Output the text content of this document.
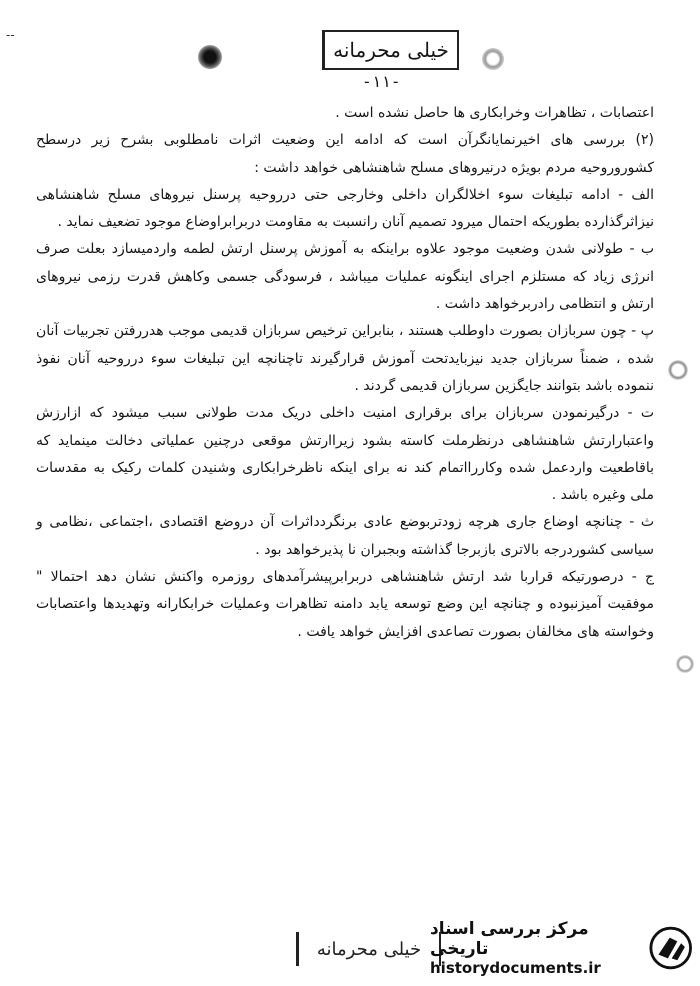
--
خیلی محرمانه
-۱۱-

اعتصابات ، تظاهرات وخرابکاری ها حاصل نشده است .

(۲) بررسی های اخیرنمایانگرآن است که ادامه این وضعیت اثرات نامطلوبی بشرح زیر درسطح کشوروروحیه مردم بویژه درنیروهای مسلح شاهنشاهی خواهد داشت :

الف - ادامه تبلیغات سوء اخلالگران داخلی وخارجی حتی درروحیه پرسنل نیروهای مسلح شاهنشاهی نیزاثرگذارده بطوریکه احتمال میرود تصمیم آنان رانسبت به مقاومت دربرابراوضاع موجود تضعیف نماید .

ب - طولانی شدن وضعیت موجود علاوه براینکه به آموزش پرسنل ارتش لطمه واردمیسازد بعلت صرف انرژی زیاد که مستلزم اجرای اینگونه عملیات میباشد ، فرسودگی جسمی وکاهش قدرت رزمی نیروهای ارتش و انتظامی رادربرخواهد داشت .

پ - چون سربازان بصورت داوطلب هستند ، بنابراین ترخیص سربازان قدیمی موجب هدررفتن تجربیات آنان شده ، ضمناً سربازان جدید نیزبایدتحت آموزش قرارگیرند تاچنانچه این تبلیغات سوء درروحیه آنان نفوذ ننموده باشد بتوانند جایگزین سربازان قدیمی گردند .

ت - درگیرنمودن سربازان برای برقراری امنیت داخلی دریک مدت طولانی سبب میشود که ازارزش واعتبارارتش شاهنشاهی درنظرملت کاسته بشود زیراارتش موقعی درچنین عملیاتی دخالت مینماید که باقاطعیت واردعمل شده وکاررااتمام کند نه برای اینکه ناظرخرابکاری وشنیدن کلمات رکیک به مقدسات ملی وغیره باشد .

ث - چنانچه اوضاع جاری هرچه زودتربوضع عادی برنگردداثرات آن دروضع اقتصادی ،اجتماعی ،نظامی و سیاسی کشوردرجه بالاتری بازبرجا گذاشته وبجبران نا پذیرخواهد بود .

ج - درصورتیکه قراربا شد ارتش شاهنشاهی دربرابرپیشرآمدهای روزمره واکنش نشان دهد احتمالا " موفقیت آمیزنبوده و چنانچه این وضع توسعه یابد دامنه تظاهرات وعملیات خرابکارانه وتهدیدها واعتصابات وخواسته های مخالفان بصورت تصاعدی افزایش خواهد یافت .

خیلی محرمانه
مرکز بررسی اسناد تاریخی
historydocuments.ir
